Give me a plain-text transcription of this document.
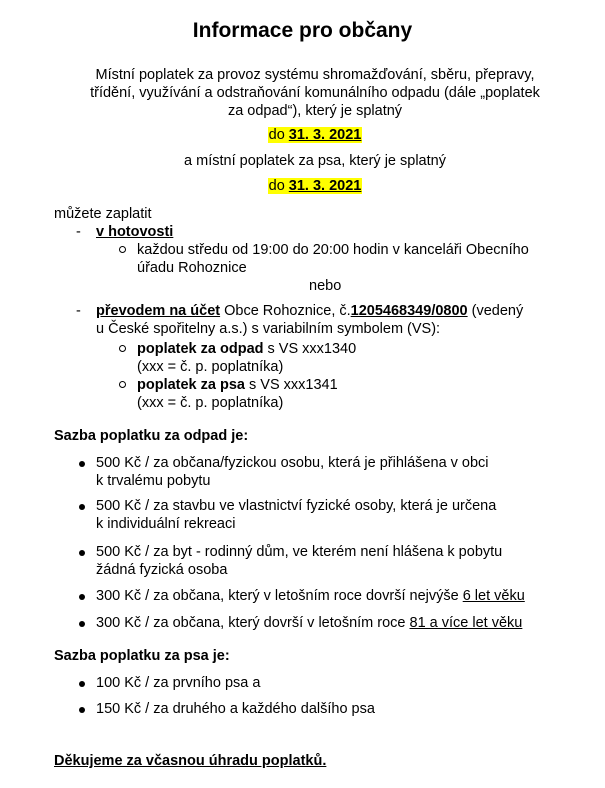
Informace pro občany
Místní poplatek za provoz systému shromažďování, sběru, přepravy,
třídění, využívání a odstraňování komunálního odpadu (dále „poplatek
za odpad“), který je splatný
do 31. 3. 2021
a místní poplatek za psa, který je splatný
do 31. 3. 2021
můžete zaplatit
- v hotovosti
každou středu od 19:00 do 20:00 hodin v kanceláři Obecního
úřadu Rohoznice
nebo
- převodem na účet Obce Rohoznice, č.1205468349/0800 (vedený
u České spořitelny a.s.) s variabilním symbolem (VS):
poplatek za odpad s VS xxx1340
(xxx = č. p. poplatníka)
poplatek za psa s VS xxx1341
(xxx = č. p. poplatníka)
Sazba poplatku za odpad je:
500 Kč / za občana/fyzickou osobu, která je přihlášena v obci
k trvalému pobytu
500 Kč / za stavbu ve vlastnictví fyzické osoby, která je určena
k individuální rekreaci
500 Kč / za byt - rodinný dům, ve kterém není hlášena k pobytu
žádná fyzická osoba
300 Kč / za občana, který v letošním roce dovrší nejvýše 6 let věku
300 Kč / za občana, který dovrší v letošním roce 81 a více let věku
Sazba poplatku za psa je:
100 Kč / za prvního psa a
150 Kč / za druhého a každého dalšího psa
Děkujeme za včasnou úhradu poplatků.
